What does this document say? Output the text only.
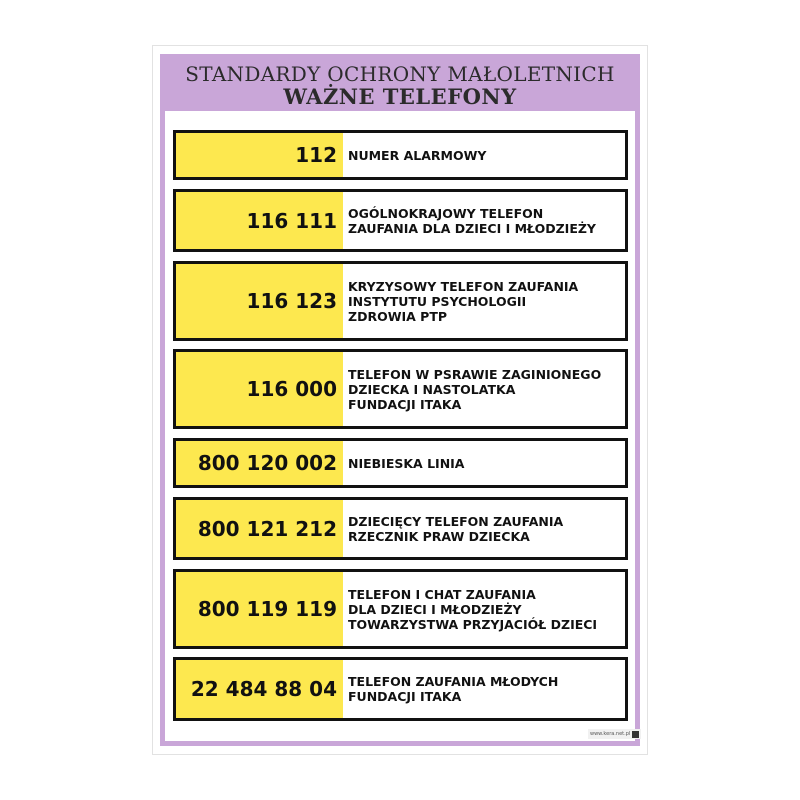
STANDARDY OCHRONY MAŁOLETNICH
WAŻNE TELEFONY
112 NUMER ALARMOWY
116 111 OGÓLNOKRAJOWY TELEFON
ZAUFANIA DLA DZIECI I MŁODZIEŻY
116 123
KRYZYSOWY TELEFON ZAUFANIA
INSTYTUTU PSYCHOLOGII
ZDROWIA PTP
116 000
TELEFON W PSRAWIE ZAGINIONEGO
DZIECKA I NASTOLATKA
FUNDACJI ITAKA
800 120 002 NIEBIESKA LINIA
800 121 212 DZIECIĘCY TELEFON ZAUFANIA
RZECZNIK PRAW DZIECKA
800 119 119
TELEFON I CHAT ZAUFANIA
DLA DZIECI I MŁODZIEŻY
TOWARZYSTWA PRZYJACIÓŁ DZIECI
22 484 88 04 TELEFON ZAUFANIA MŁODYCH
FUNDACJI ITAKA
www.kera.net.pl
